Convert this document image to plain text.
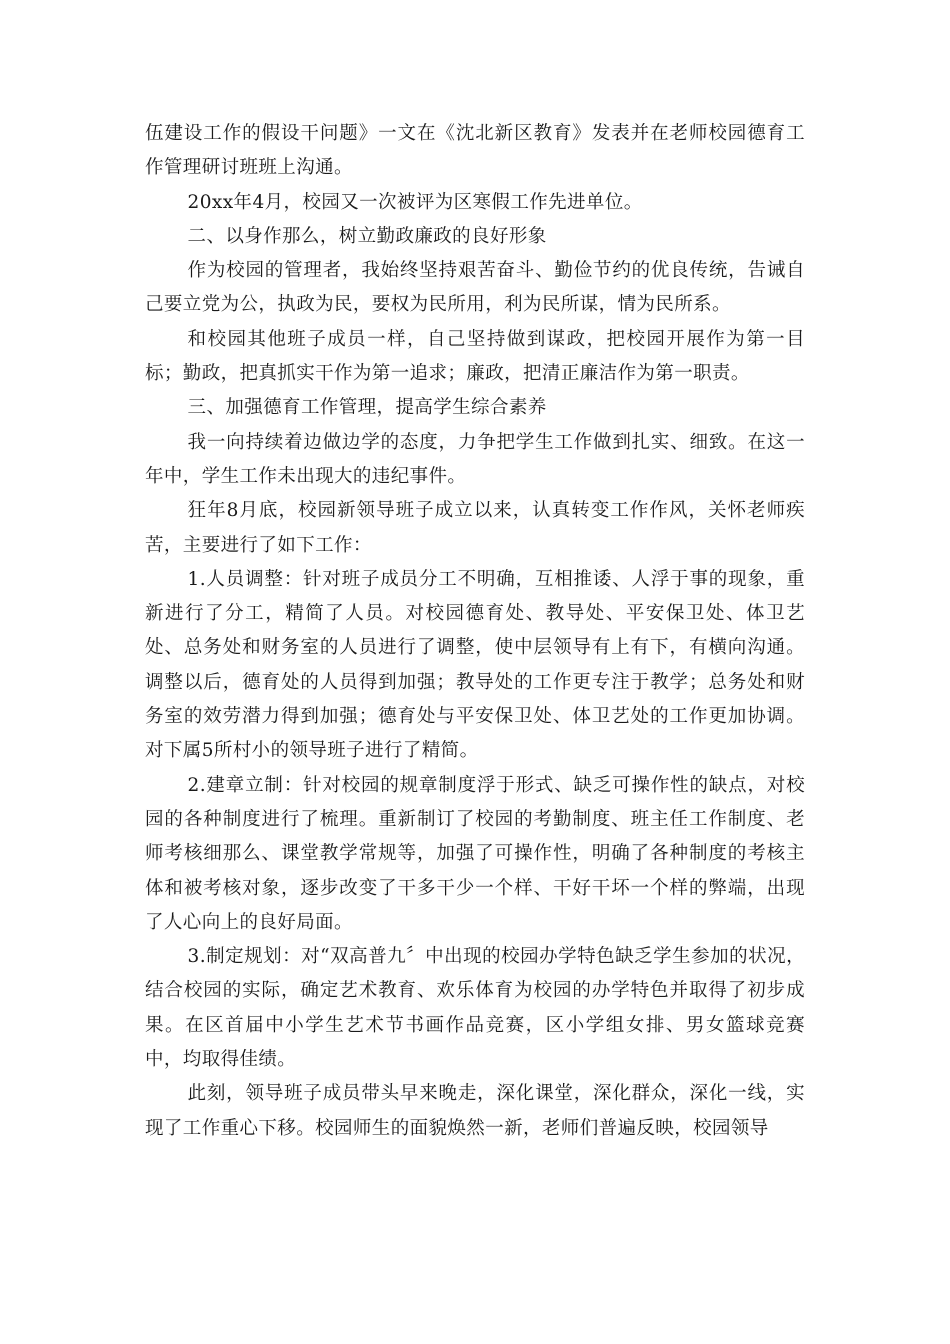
伍建设工作的假设干问题》一文在《沈北新区教育》发表并在老师校园德育工作管理研讨班班上沟通。

20xx年4月，校园又一次被评为区寒假工作先进单位。

二、以身作那么，树立勤政廉政的良好形象

作为校园的管理者，我始终坚持艰苦奋斗、勤俭节约的优良传统，告诫自己要立党为公，执政为民，要权为民所用，利为民所谋，情为民所系。

和校园其他班子成员一样，自己坚持做到谋政，把校园开展作为第一目标；勤政，把真抓实干作为第一追求；廉政，把清正廉洁作为第一职责。

三、加强德育工作管理，提高学生综合素养

我一向持续着边做边学的态度，力争把学生工作做到扎实、细致。在这一年中，学生工作未出现大的违纪事件。

狂年8月底，校园新领导班子成立以来，认真转变工作作风，关怀老师疾苦，主要进行了如下工作：

1.人员调整：针对班子成员分工不明确，互相推诿、人浮于事的现象，重新进行了分工，精简了人员。对校园德育处、教导处、平安保卫处、体卫艺处、总务处和财务室的人员进行了调整，使中层领导有上有下，有横向沟通。调整以后，德育处的人员得到加强；教导处的工作更专注于教学；总务处和财务室的效劳潜力得到加强；德育处与平安保卫处、体卫艺处的工作更加协调。对下属5所村小的领导班子进行了精简。

2.建章立制：针对校园的规章制度浮于形式、缺乏可操作性的缺点，对校园的各种制度进行了梳理。重新制订了校园的考勤制度、班主任工作制度、老师考核细那么、课堂教学常规等，加强了可操作性，明确了各种制度的考核主体和被考核对象，逐步改变了干多干少一个样、干好干坏一个样的弊端，出现了人心向上的良好局面。

3.制定规划：对“双高普九〞中出现的校园办学特色缺乏学生参加的状况，结合校园的实际，确定艺术教育、欢乐体育为校园的办学特色并取得了初步成果。在区首届中小学生艺术节书画作品竞赛，区小学组女排、男女篮球竞赛中，均取得佳绩。

此刻，领导班子成员带头早来晚走，深化课堂，深化群众，深化一线，实现了工作重心下移。校园师生的面貌焕然一新，老师们普遍反映，校园领导
